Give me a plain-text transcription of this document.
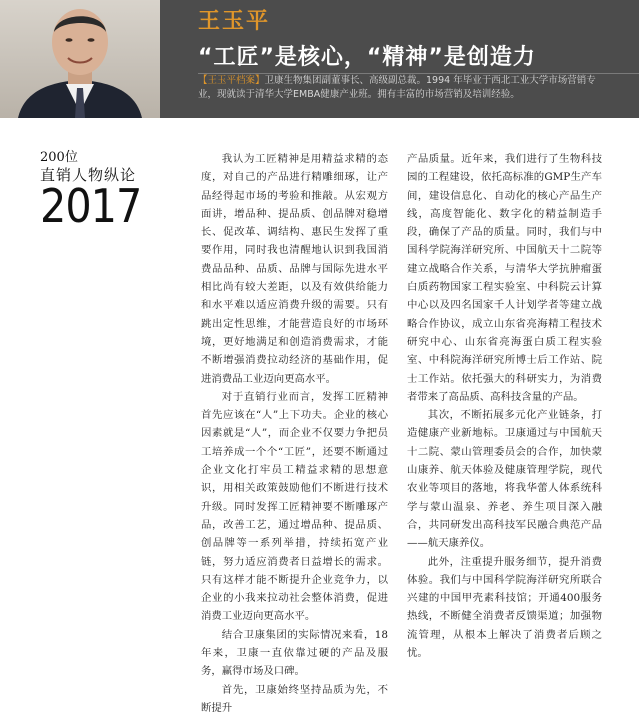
王玉平
“工匠”是核心，“精神”是创造力
【王玉平档案】卫康生物集团副董事长、高级副总裁。1994 年毕业于西北工业大学市场营销专业，现就读于清华大学EMBA健康产业班。拥有丰富的市场营销及培训经验。
200位
直销人物纵论
2017

我认为工匠精神是用精益求精的态度，对自己的产品进行精雕细琢，让产品经得起市场的考验和推敲。从宏观方面讲，增品种、提品质、创品牌对稳增长、促改革、调结构、惠民生发挥了重要作用，同时我也清醒地认识到我国消费品品种、品质、品牌与国际先进水平相比尚有较大差距，以及有效供给能力和水平难以适应消费升级的需要。只有跳出定性思维，才能营造良好的市场环境，更好地满足和创造消费需求，才能不断增强消费拉动经济的基础作用，促进消费品工业迈向更高水平。

对于直销行业而言，发挥工匠精神首先应该在“人”上下功夫。企业的核心因素就是“人”，而企业不仅要力争把员工培养成一个个“工匠”，还要不断通过企业文化打牢员工精益求精的思想意识，用相关政策鼓励他们不断进行技术升级。同时发挥工匠精神要不断雕琢产品，改善工艺，通过增品种、提品质、创品牌等一系列举措，持续拓宽产业链，努力适应消费者日益增长的需求。只有这样才能不断提升企业竞争力，以企业的小我来拉动社会整体消费，促进消费工业迈向更高水平。

结合卫康集团的实际情况来看，18年来，卫康一直依靠过硬的产品及服务，赢得市场及口碑。

首先，卫康始终坚持品质为先，不断提升

产品质量。近年来，我们进行了生物科技园的工程建设，依托高标准的GMP生产车间，建设信息化、自动化的核心产品生产线，高度智能化、数字化的精益制造手段，确保了产品的质量。同时，我们与中国科学院海洋研究所、中国航天十二院等建立战略合作关系，与清华大学抗肿瘤蛋白质药物国家工程实验室、中科院云计算中心以及四名国家千人计划学者等建立战略合作协议，成立山东省亮海精工程技术研究中心、山东省亮海蛋白质工程实验室、中科院海洋研究所博士后工作站、院士工作站。依托强大的科研实力，为消费者带来了高品质、高科技含量的产品。

其次，不断拓展多元化产业链条，打造健康产业新地标。卫康通过与中国航天十二院、蒙山管理委员会的合作，加快蒙山康养、航天体验及健康管理学院，现代农业等项目的落地，将我华蕾人体系统科学与蒙山温泉、养老、养生项目深入融合，共同研发出高科技军民融合典范产品——航天康养仪。

此外，注重提升服务细节，提升消费体验。我们与中国科学院海洋研究所联合兴建的中国甲壳素科技馆；开通400服务热线，不断健全消费者反馈渠道；加强物流管理，从根本上解决了消费者后顾之忧。
